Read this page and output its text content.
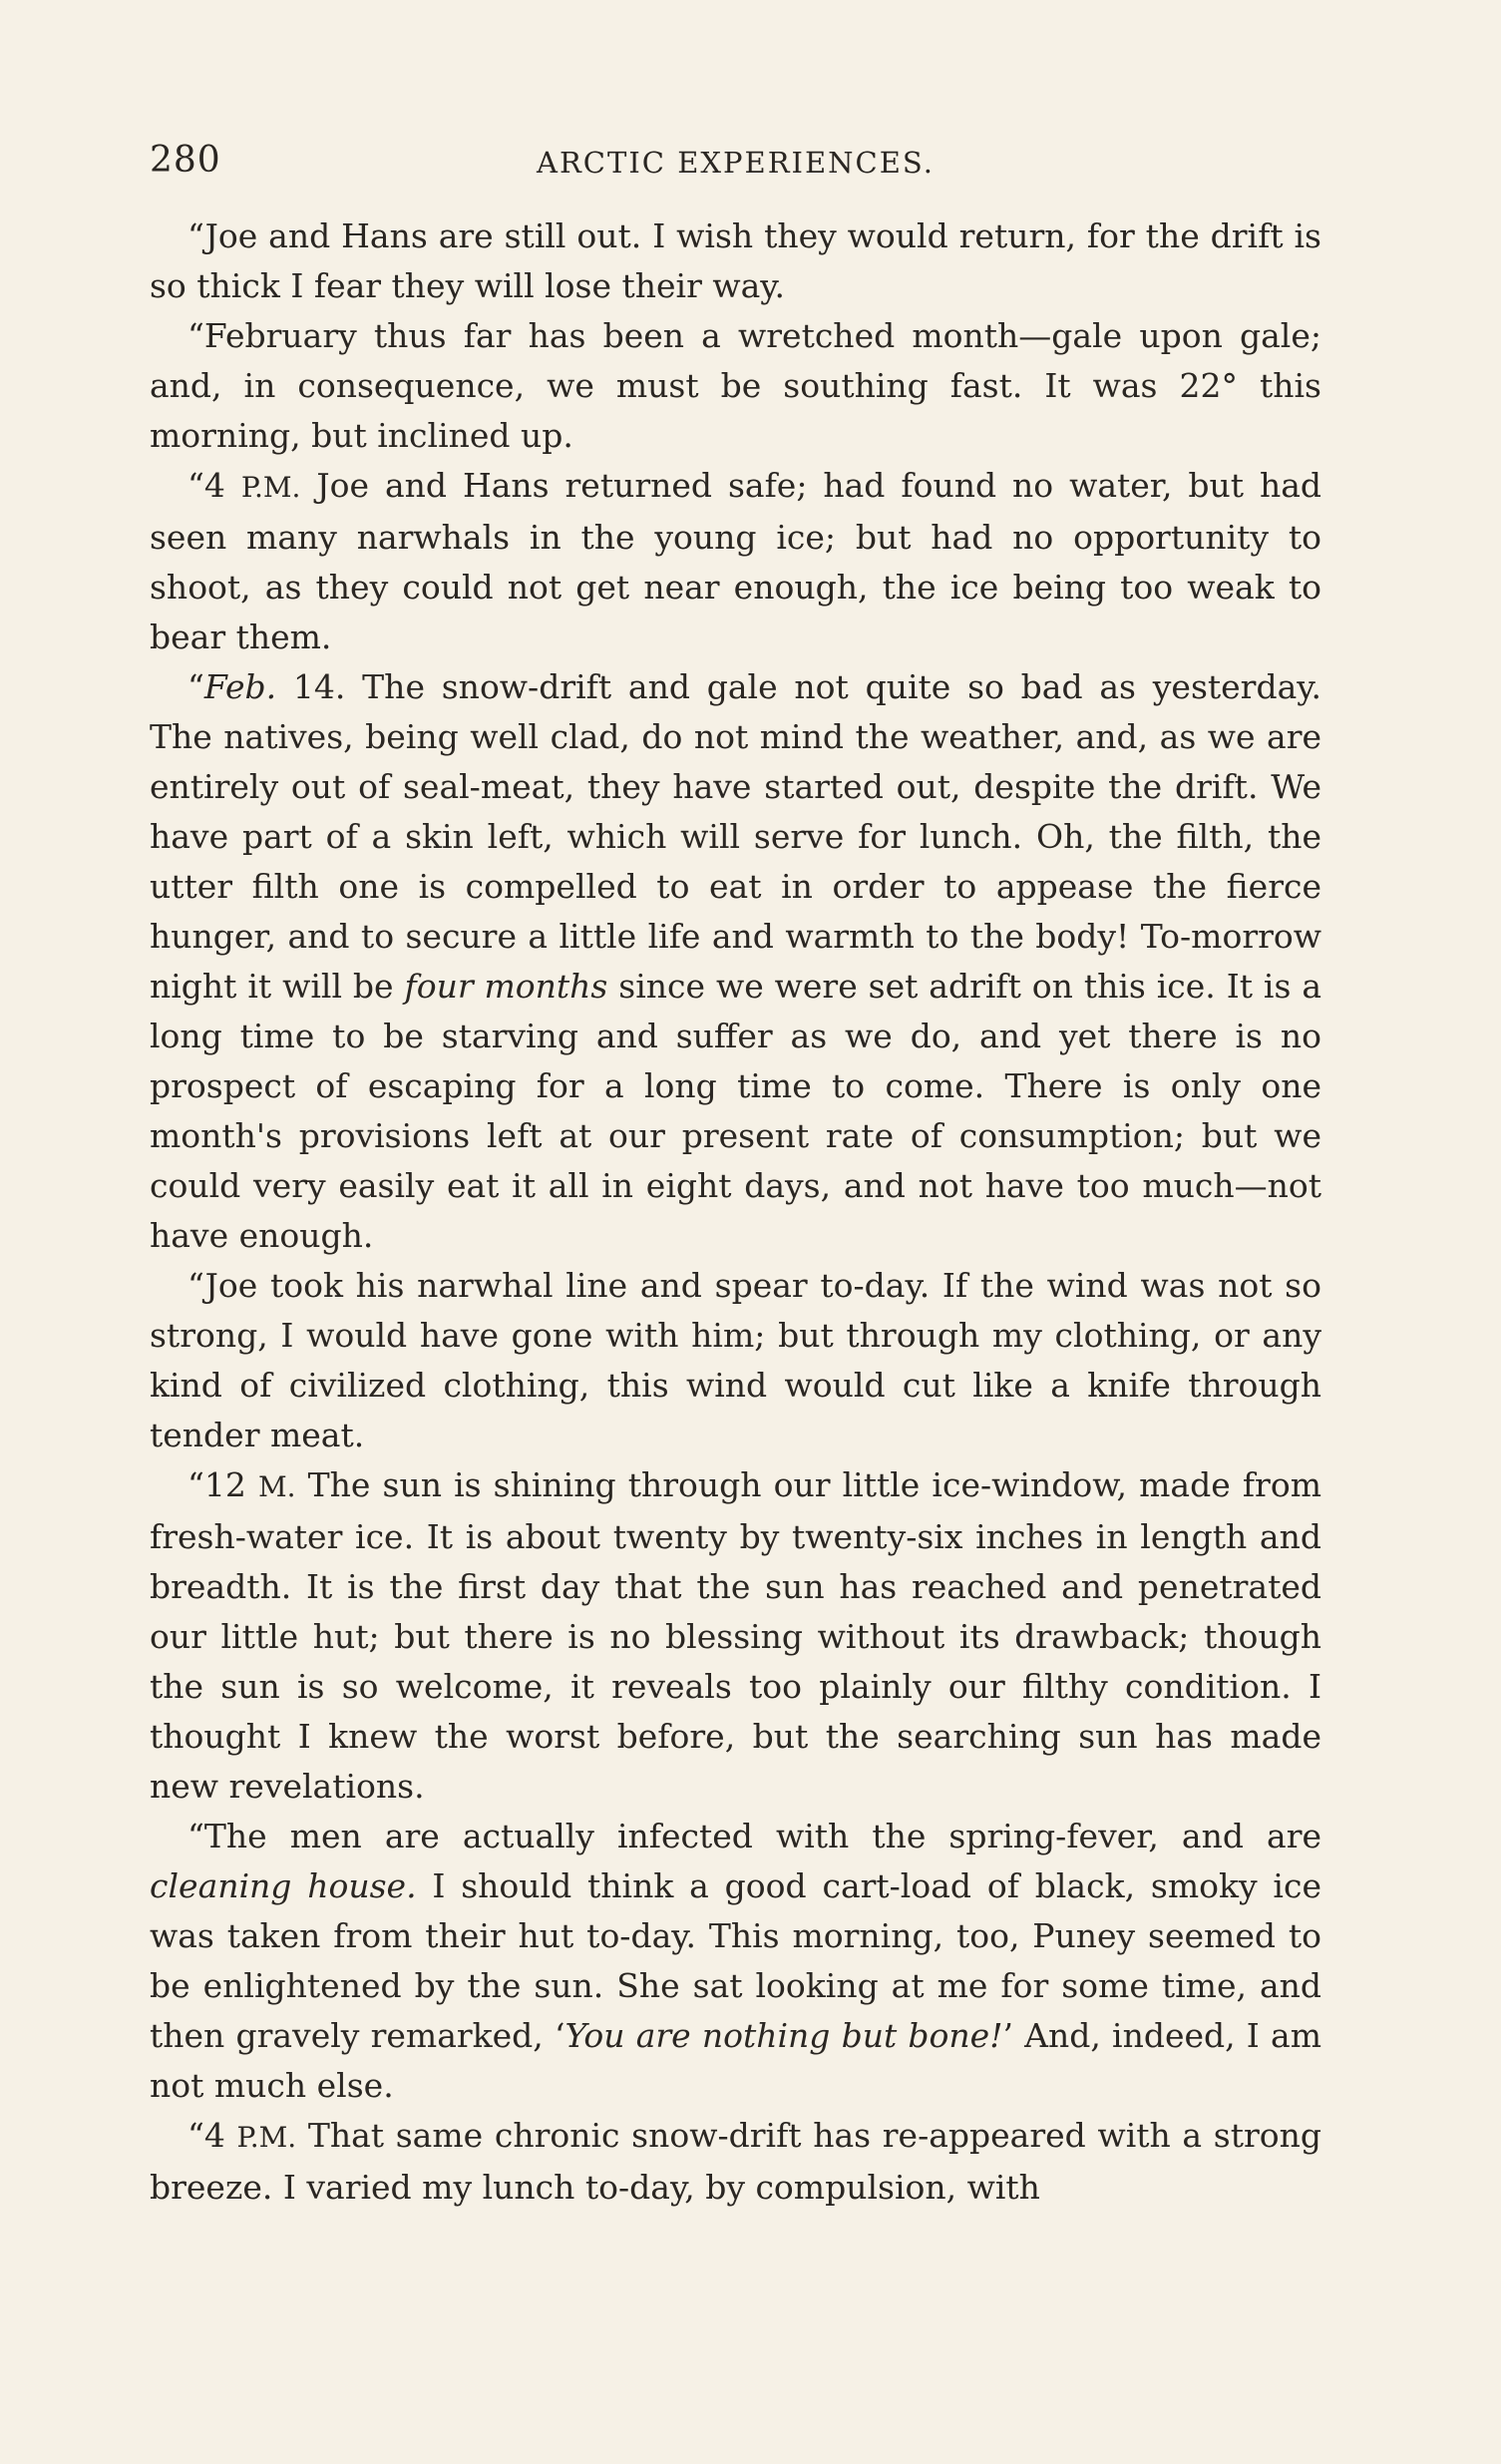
280	ARCTIC EXPERIENCES.

“Joe and Hans are still out. I wish they would return, for the drift is so thick I fear they will lose their way.

“February thus far has been a wretched month—gale upon gale; and, in consequence, we must be southing fast. It was 22° this morning, but inclined up.

“4 P.M. Joe and Hans returned safe; had found no water, but had seen many narwhals in the young ice; but had no opportunity to shoot, as they could not get near enough, the ice being too weak to bear them.

“Feb. 14. The snow-drift and gale not quite so bad as yesterday. The natives, being well clad, do not mind the weather, and, as we are entirely out of seal-meat, they have started out, despite the drift. We have part of a skin left, which will serve for lunch. Oh, the filth, the utter filth one is compelled to eat in order to appease the fierce hunger, and to secure a little life and warmth to the body! To-morrow night it will be four months since we were set adrift on this ice. It is a long time to be starving and suffer as we do, and yet there is no prospect of escaping for a long time to come. There is only one month's provisions left at our present rate of consumption; but we could very easily eat it all in eight days, and not have too much—not have enough.

“Joe took his narwhal line and spear to-day. If the wind was not so strong, I would have gone with him; but through my clothing, or any kind of civilized clothing, this wind would cut like a knife through tender meat.

“12 M. The sun is shining through our little ice-window, made from fresh-water ice. It is about twenty by twenty-six inches in length and breadth. It is the first day that the sun has reached and penetrated our little hut; but there is no blessing without its drawback; though the sun is so welcome, it reveals too plainly our filthy condition. I thought I knew the worst before, but the searching sun has made new revelations.

“The men are actually infected with the spring-fever, and are cleaning house. I should think a good cart-load of black, smoky ice was taken from their hut to-day. This morning, too, Puney seemed to be enlightened by the sun. She sat looking at me for some time, and then gravely remarked, ‘You are nothing but bone!’ And, indeed, I am not much else.

“4 P.M. That same chronic snow-drift has re-appeared with a strong breeze. I varied my lunch to-day, by compulsion, with
